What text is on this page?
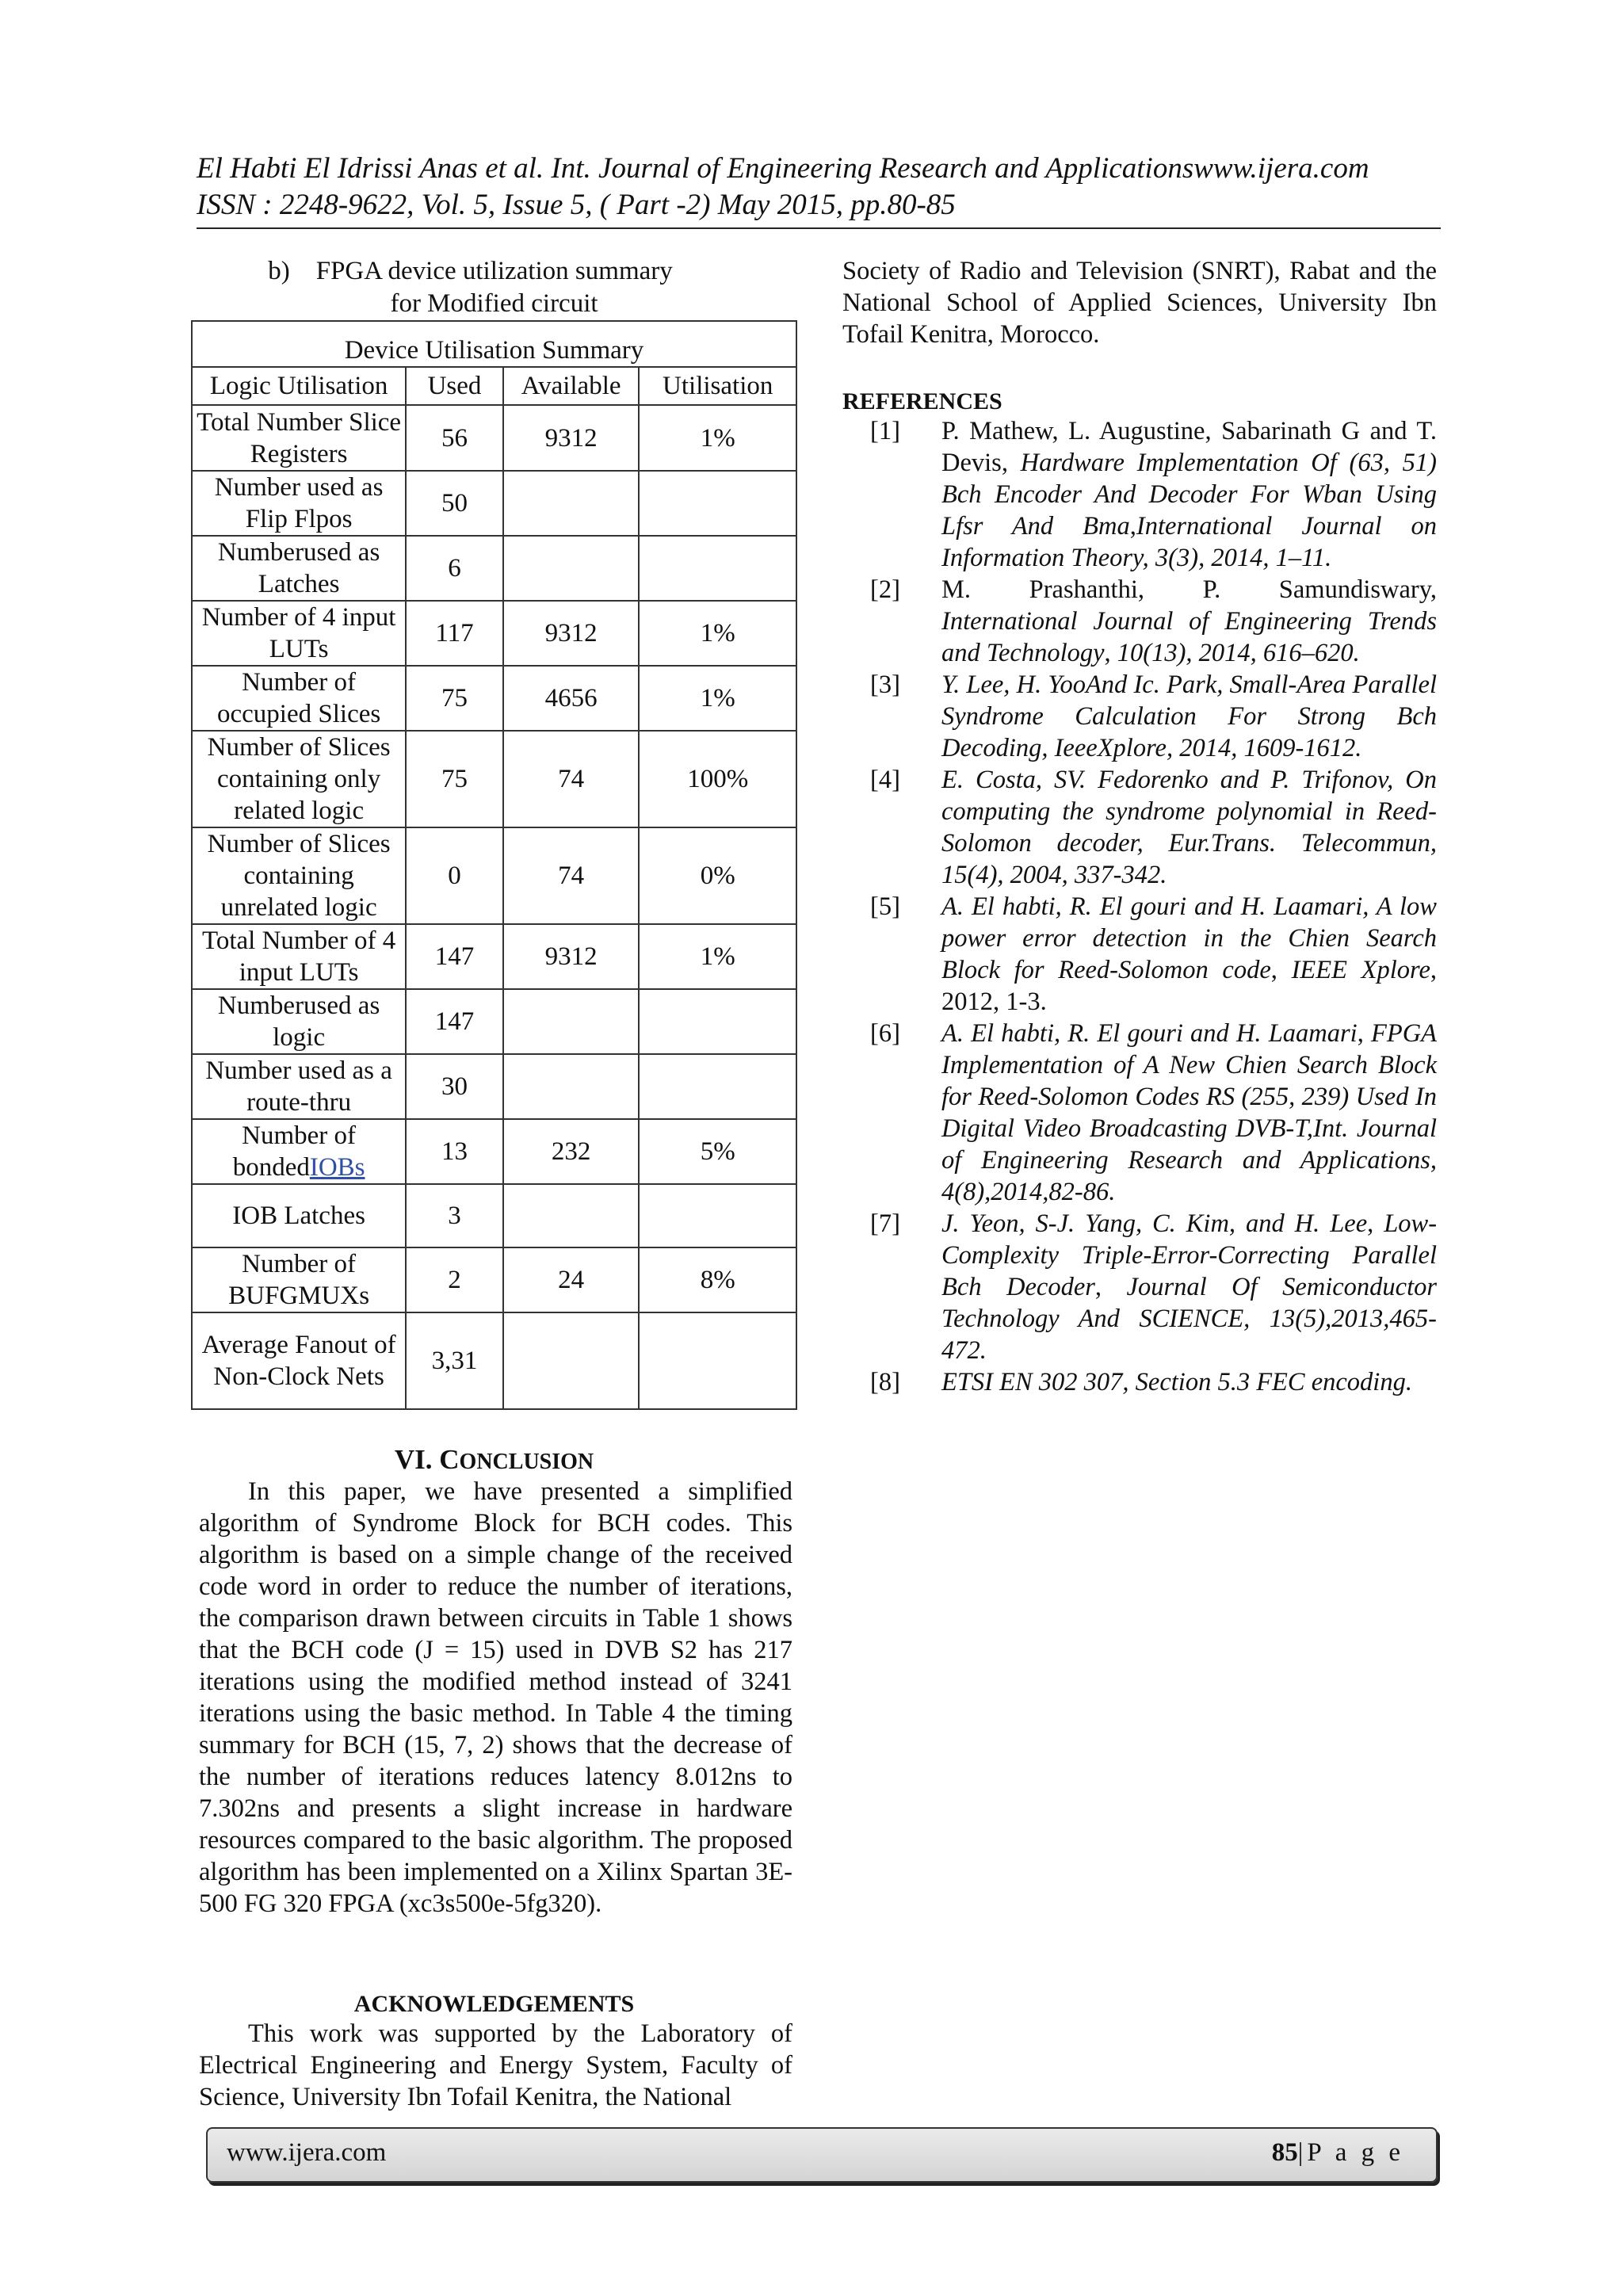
El Habti El Idrissi Anas et al. Int. Journal of Engineering Research and Applicationswww.ijera.com
ISSN : 2248-9622, Vol. 5, Issue 5, ( Part -2) May 2015, pp.80-85
b)    FPGA device utilization summary
for Modified circuit
Device Utilisation Summary			
Logic Utilisation	Used	Available	Utilisation
Total Number Slice Registers	56	9312	1%
Number used as Flip Flpos	50		
Numberused as Latches	6		
Number of 4 input LUTs	117	9312	1%
Number of occupied Slices	75	4656	1%
Number of Slices containing only related logic	75	74	100%
Number of Slices containing unrelated logic	0	74	0%
Total Number of 4 input LUTs	147	9312	1%
Numberused as logic	147		
Number used as a route-thru	30		
Number of bondedIOBs	13	232	5%
IOB Latches	3		
Number of BUFGMUXs	2	24	8%
Average Fanout of Non-Clock Nets	3,31		
VI. CONCLUSION
In this paper, we have presented a simplified algorithm of Syndrome Block for BCH codes. This algorithm is based on a simple change of the received code word in order to reduce the number of iterations, the comparison drawn between circuits in Table 1 shows that the BCH code (J = 15) used in DVB S2 has 217 iterations using the modified method instead of 3241 iterations using the basic method. In Table 4 the timing summary for BCH (15, 7, 2) shows that the decrease of the number of iterations reduces latency 8.012ns to 7.302ns and presents a slight increase in hardware resources compared to the basic algorithm. The proposed algorithm has been implemented on a Xilinx Spartan 3E-500 FG 320 FPGA (xc3s500e-5fg320).
ACKNOWLEDGEMENTS
This work was supported by the Laboratory of Electrical Engineering and Energy System, Faculty of Science, University Ibn Tofail Kenitra, the National
Society of Radio and Television (SNRT), Rabat and the National School of Applied Sciences, University Ibn Tofail Kenitra, Morocco.
REFERENCES
[1] P. Mathew, L. Augustine, Sabarinath G and T. Devis, Hardware Implementation Of (63, 51) Bch Encoder And Decoder For Wban Using Lfsr And Bma,International Journal on Information Theory, 3(3), 2014, 1–11.
[2] M.       Prashanthi,       P.       Samundiswary, International Journal of Engineering Trends and Technology, 10(13), 2014, 616–620.
[3] Y. Lee, H. YooAnd Ic. Park, Small-Area Parallel Syndrome Calculation For Strong Bch Decoding, IeeeXplore, 2014, 1609-1612.
[4] E. Costa, SV. Fedorenko and P. Trifonov, On computing the syndrome polynomial in Reed-Solomon decoder, Eur.Trans. Telecommun, 15(4), 2004, 337-342.
[5] A. El habti, R. El gouri and H. Laamari, A low power error detection in the Chien Search Block for Reed-Solomon code, IEEE Xplore, 2012, 1-3.
[6] A. El habti, R. El gouri and H. Laamari, FPGA Implementation of A New Chien Search Block for Reed-Solomon Codes RS (255, 239) Used In Digital Video Broadcasting DVB-T,Int. Journal of Engineering Research and Applications, 4(8),2014,82-86.
[7] J. Yeon, S-J. Yang, C. Kim, and H. Lee, Low-Complexity Triple-Error-Correcting Parallel Bch Decoder, Journal Of Semiconductor Technology And SCIENCE, 13(5),2013,465-472.
[8] ETSI EN 302 307, Section 5.3 FEC encoding.
www.ijera.com	85|P a g e
